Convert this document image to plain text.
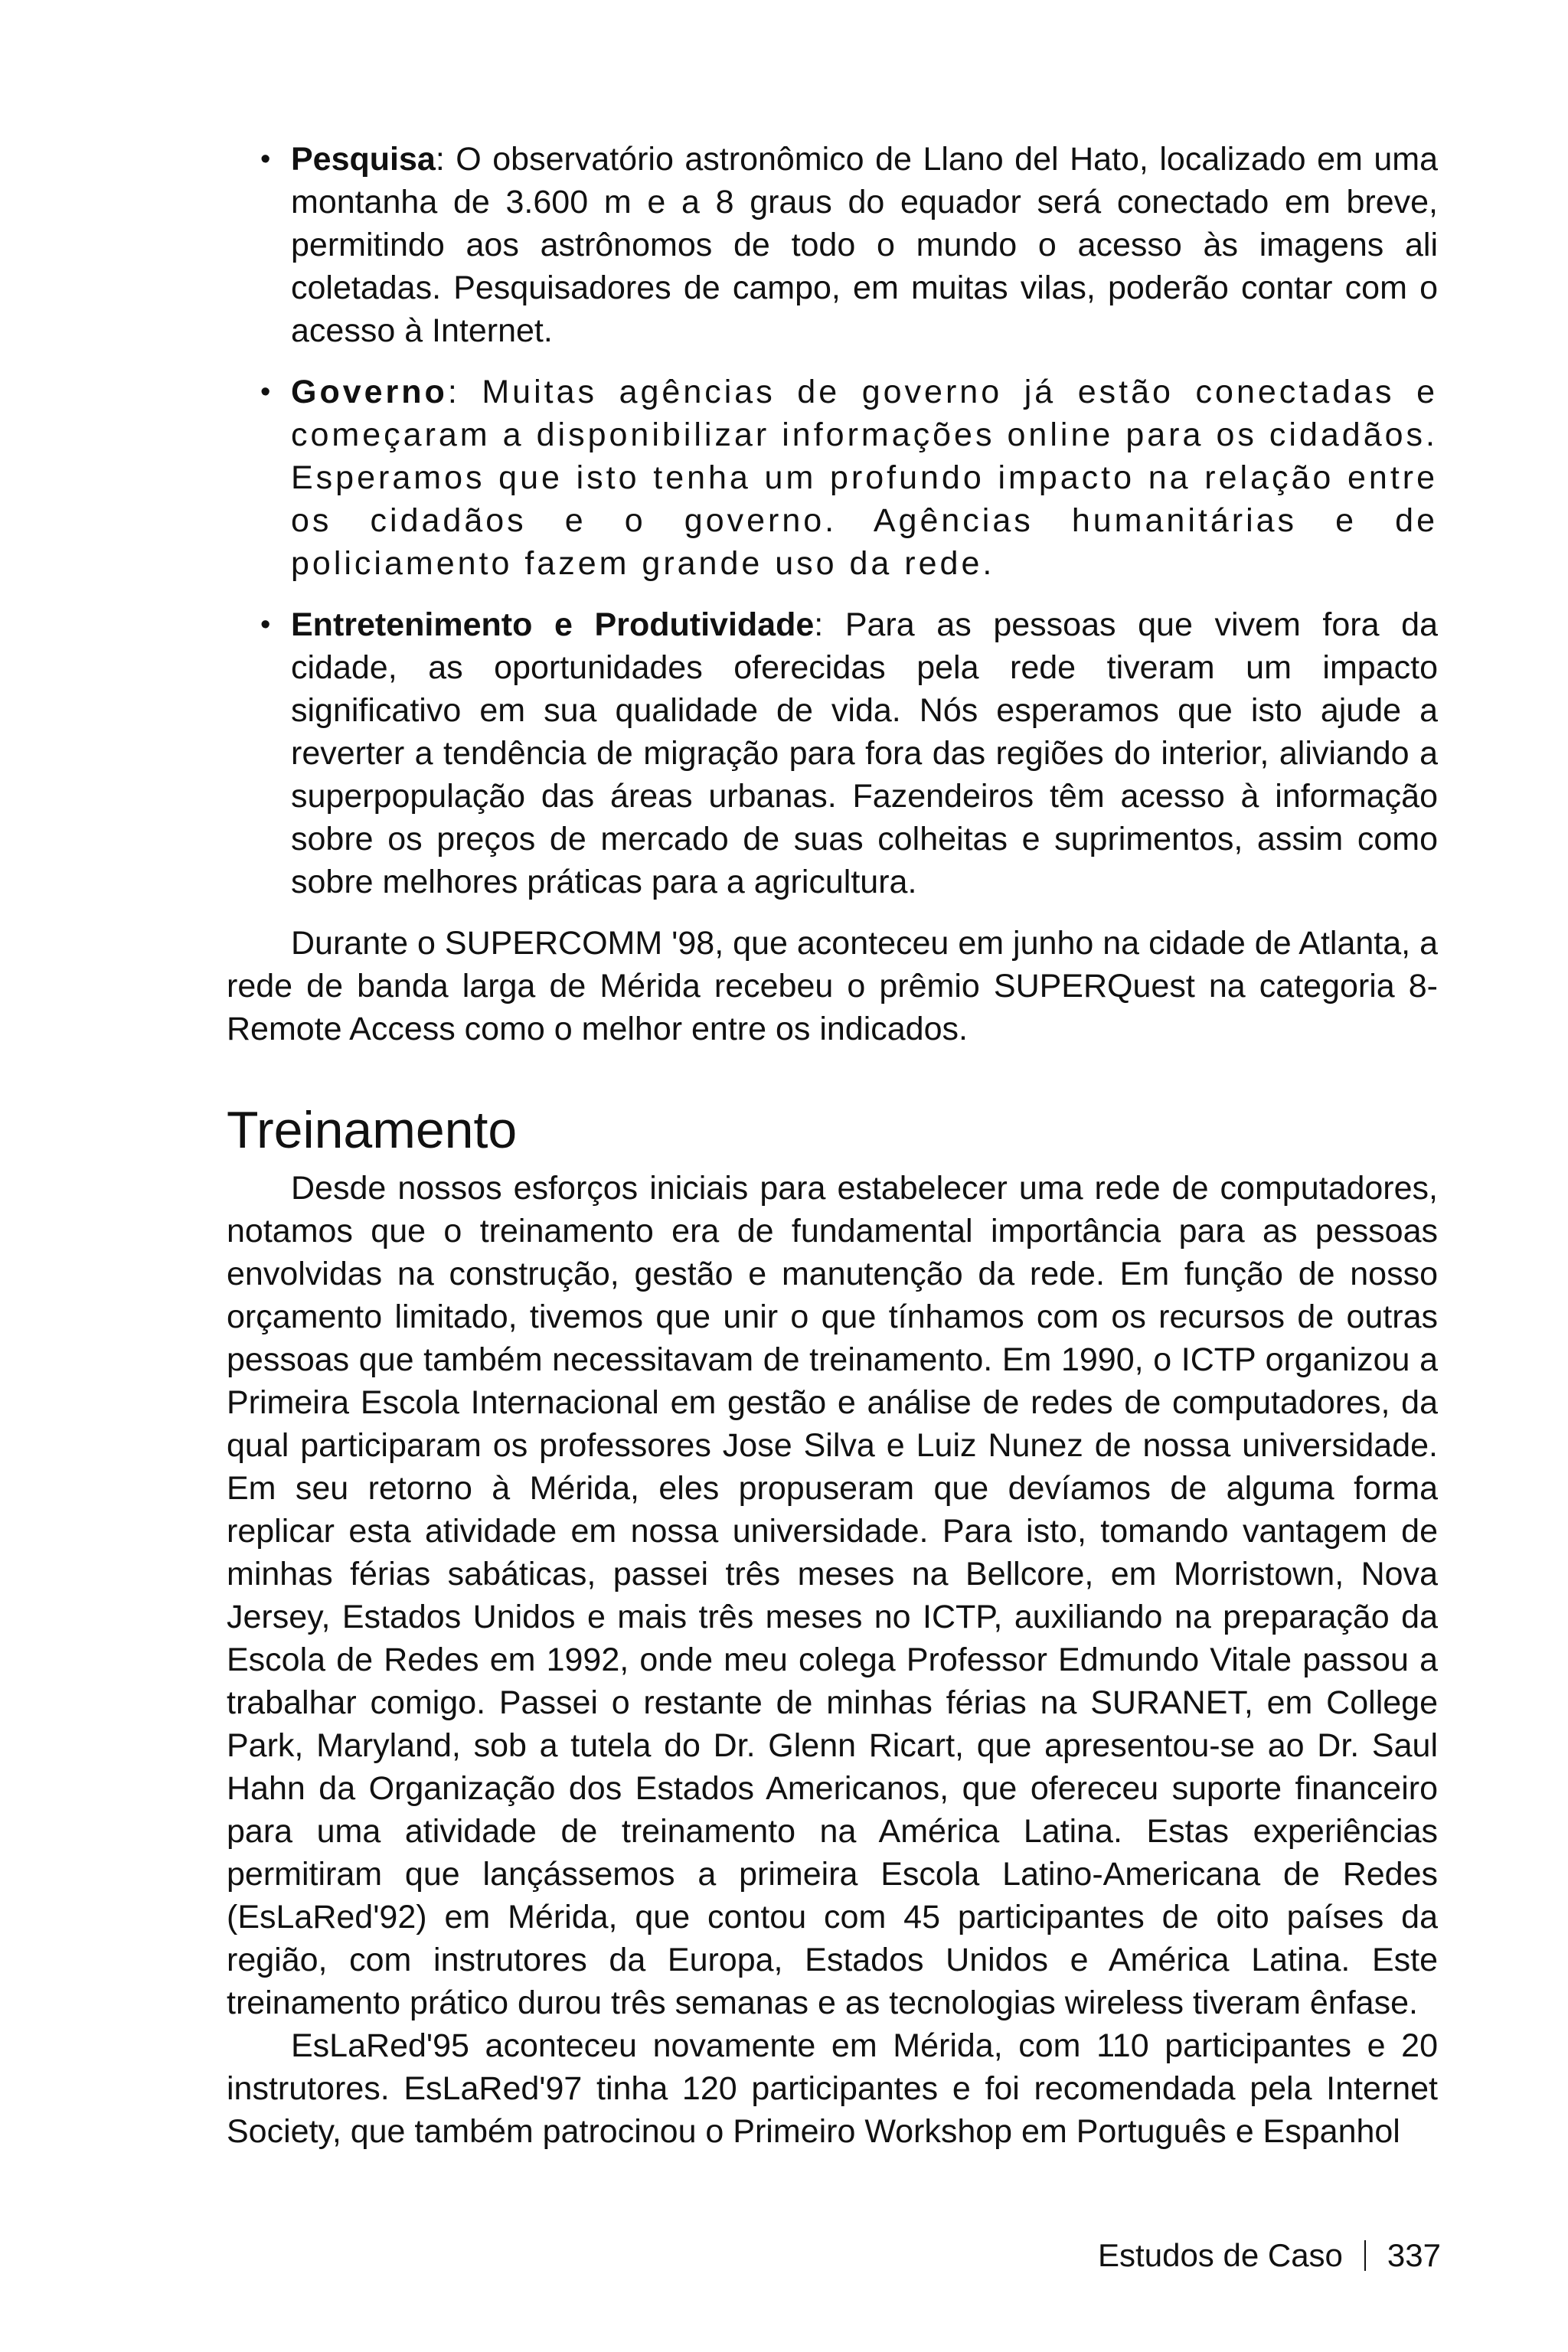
• Pesquisa: O observatório astronômico de Llano del Hato, localizado em uma montanha de 3.600 m e a 8 graus do equador será conectado em breve, permitindo aos astrônomos de todo o mundo o acesso às imagens ali coletadas. Pesquisadores de campo, em muitas vilas, poderão contar com o acesso à Internet.
• Governo: Muitas agências de governo já estão conectadas e começaram a disponibilizar informações online para os cidadãos. Esperamos que isto tenha um profundo impacto na relação entre os cidadãos e o governo. Agências humanitárias e de policiamento fazem grande uso da rede.
• Entretenimento e Produtividade: Para as pessoas que vivem fora da cidade, as oportunidades oferecidas pela rede tiveram um impacto significativo em sua qualidade de vida. Nós esperamos que isto ajude a reverter a tendência de migração para fora das regiões do interior, aliviando a superpopulação das áreas urbanas. Fazendeiros têm acesso à informação sobre os preços de mercado de suas colheitas e suprimentos, assim como sobre melhores práticas para a agricultura.

Durante o SUPERCOMM '98, que aconteceu em junho na cidade de Atlanta, a rede de banda larga de Mérida recebeu o prêmio SUPERQuest na categoria 8-Remote Access como o melhor entre os indicados.

Treinamento

Desde nossos esforços iniciais para estabelecer uma rede de computadores, notamos que o treinamento era de fundamental importância para as pessoas envolvidas na construção, gestão e manutenção da rede. Em função de nosso orçamento limitado, tivemos que unir o que tínhamos com os recursos de outras pessoas que também necessitavam de treinamento. Em 1990, o ICTP organizou a Primeira Escola Internacional em gestão e análise de redes de computadores, da qual participaram os professores Jose Silva e Luiz Nunez de nossa universidade. Em seu retorno à Mérida, eles propuseram que devíamos de alguma forma replicar esta atividade em nossa universidade. Para isto, tomando vantagem de minhas férias sabáticas, passei três meses na Bellcore, em Morristown, Nova Jersey, Estados Unidos e mais três meses no ICTP, auxiliando na preparação da Escola de Redes em 1992, onde meu colega Professor Edmundo Vitale passou a trabalhar comigo. Passei o restante de minhas férias na SURANET, em College Park, Maryland, sob a tutela do Dr. Glenn Ricart, que apresentou-se ao Dr. Saul Hahn da Organização dos Estados Americanos, que ofereceu suporte financeiro para uma atividade de treinamento na América Latina. Estas experiências permitiram que lançássemos a primeira Escola Latino-Americana de Redes (EsLaRed'92) em Mérida, que contou com 45 participantes de oito países da região, com instrutores da Europa, Estados Unidos e América Latina. Este treinamento prático durou três semanas e as tecnologias wireless tiveram ênfase.

EsLaRed'95 aconteceu novamente em Mérida, com 110 participantes e 20 instrutores. EsLaRed'97 tinha 120 participantes e foi recomendada pela Internet Society, que também patrocinou o Primeiro Workshop em Português e Espanhol

Estudos de Caso 337
